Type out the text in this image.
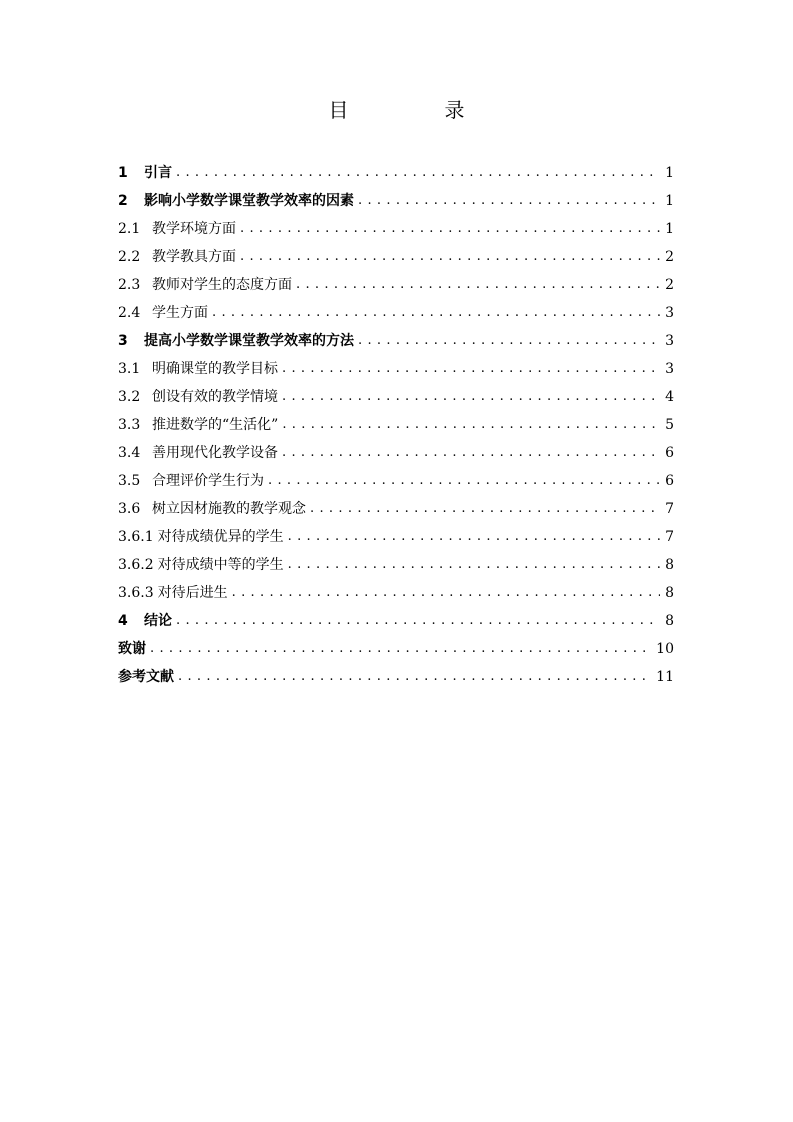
目　录
1	引言 . . .	1
2	影响小学数学课堂教学效率的因素 . . .	1
2.1 教学环境方面 . . .	1
2.2 教学教具方面 . . .	2
2.3 教师对学生的态度方面 . . .	2
2.4 学生方面 . . .	3
3	提高小学数学课堂教学效率的方法 . . .	3
3.1 明确课堂的教学目标 . . .	3
3.2 创设有效的教学情境 . . .	4
3.3 推进数学的“生活化” . . .	5
3.4 善用现代化教学设备 . . .	6
3.5 合理评价学生行为 . . .	6
3.6 树立因材施教的教学观念 . . .	7
3.6.1 对待成绩优异的学生 . . .	7
3.6.2 对待成绩中等的学生 . . .	8
3.6.3 对待后进生 . . .	8
4	结论 . . .	8
致谢 . . .	10
参考文献 . . .	11
